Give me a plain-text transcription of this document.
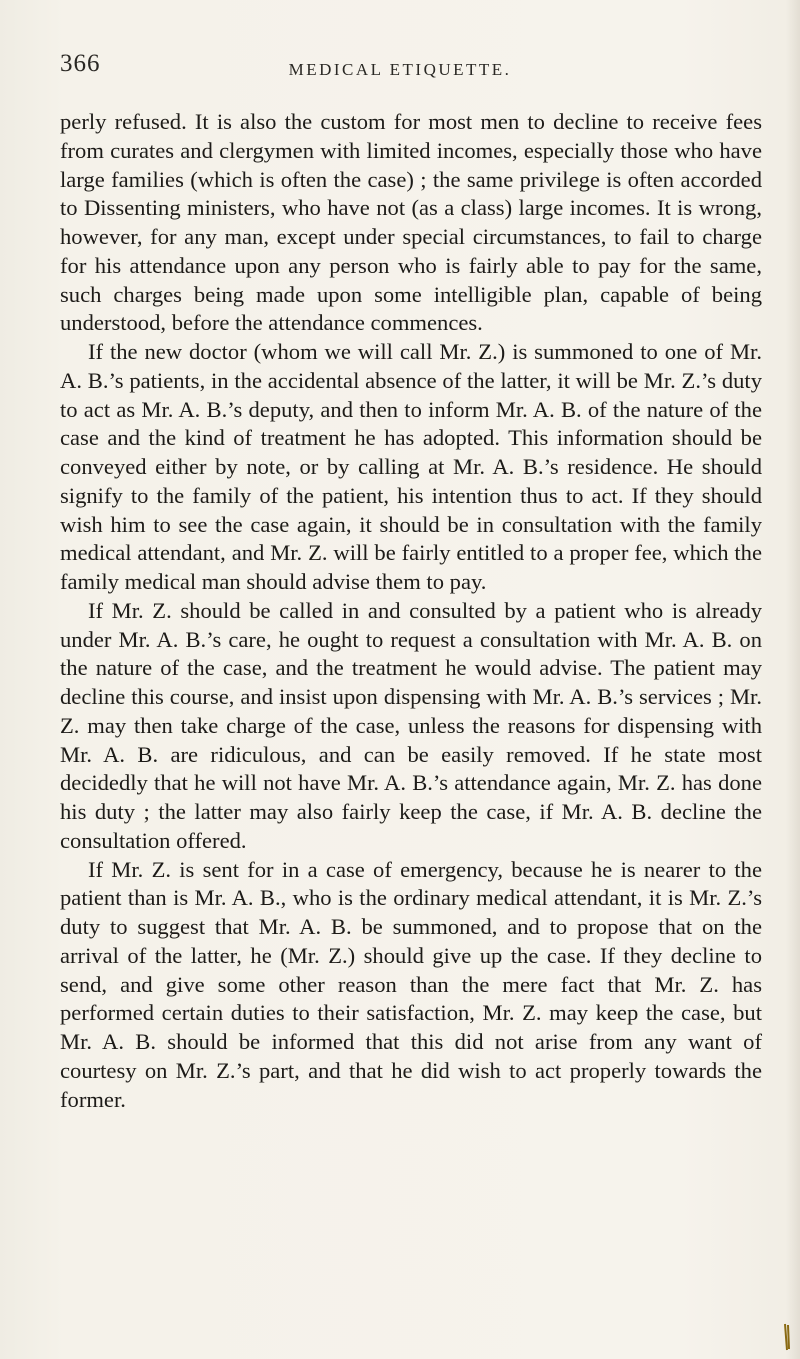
366	MEDICAL ETIQUETTE.

perly refused. It is also the custom for most men to decline to receive fees from curates and clergymen with limited incomes, especially those who have large families (which is often the case) ; the same privilege is often accorded to Dissenting ministers, who have not (as a class) large incomes. It is wrong, however, for any man, except under special circumstances, to fail to charge for his attendance upon any person who is fairly able to pay for the same, such charges being made upon some intelligible plan, capable of being understood, before the attendance commences.

If the new doctor (whom we will call Mr. Z.) is summoned to one of Mr. A. B.’s patients, in the accidental absence of the latter, it will be Mr. Z.’s duty to act as Mr. A. B.’s deputy, and then to inform Mr. A. B. of the nature of the case and the kind of treatment he has adopted. This information should be conveyed either by note, or by calling at Mr. A. B.’s residence. He should signify to the family of the patient, his intention thus to act. If they should wish him to see the case again, it should be in consultation with the family medical attendant, and Mr. Z. will be fairly entitled to a proper fee, which the family medical man should advise them to pay.

If Mr. Z. should be called in and consulted by a patient who is already under Mr. A. B.’s care, he ought to request a consultation with Mr. A. B. on the nature of the case, and the treatment he would advise. The patient may decline this course, and insist upon dispensing with Mr. A. B.’s services ; Mr. Z. may then take charge of the case, unless the reasons for dispensing with Mr. A. B. are ridiculous, and can be easily removed. If he state most decidedly that he will not have Mr. A. B.’s attendance again, Mr. Z. has done his duty ; the latter may also fairly keep the case, if Mr. A. B. decline the consultation offered.

If Mr. Z. is sent for in a case of emergency, because he is nearer to the patient than is Mr. A. B., who is the ordinary medical attendant, it is Mr. Z.’s duty to suggest that Mr. A. B. be summoned, and to propose that on the arrival of the latter, he (Mr. Z.) should give up the case. If they decline to send, and give some other reason than the mere fact that Mr. Z. has performed certain duties to their satisfaction, Mr. Z. may keep the case, but Mr. A. B. should be informed that this did not arise from any want of courtesy on Mr. Z.’s part, and that he did wish to act properly towards the former.
